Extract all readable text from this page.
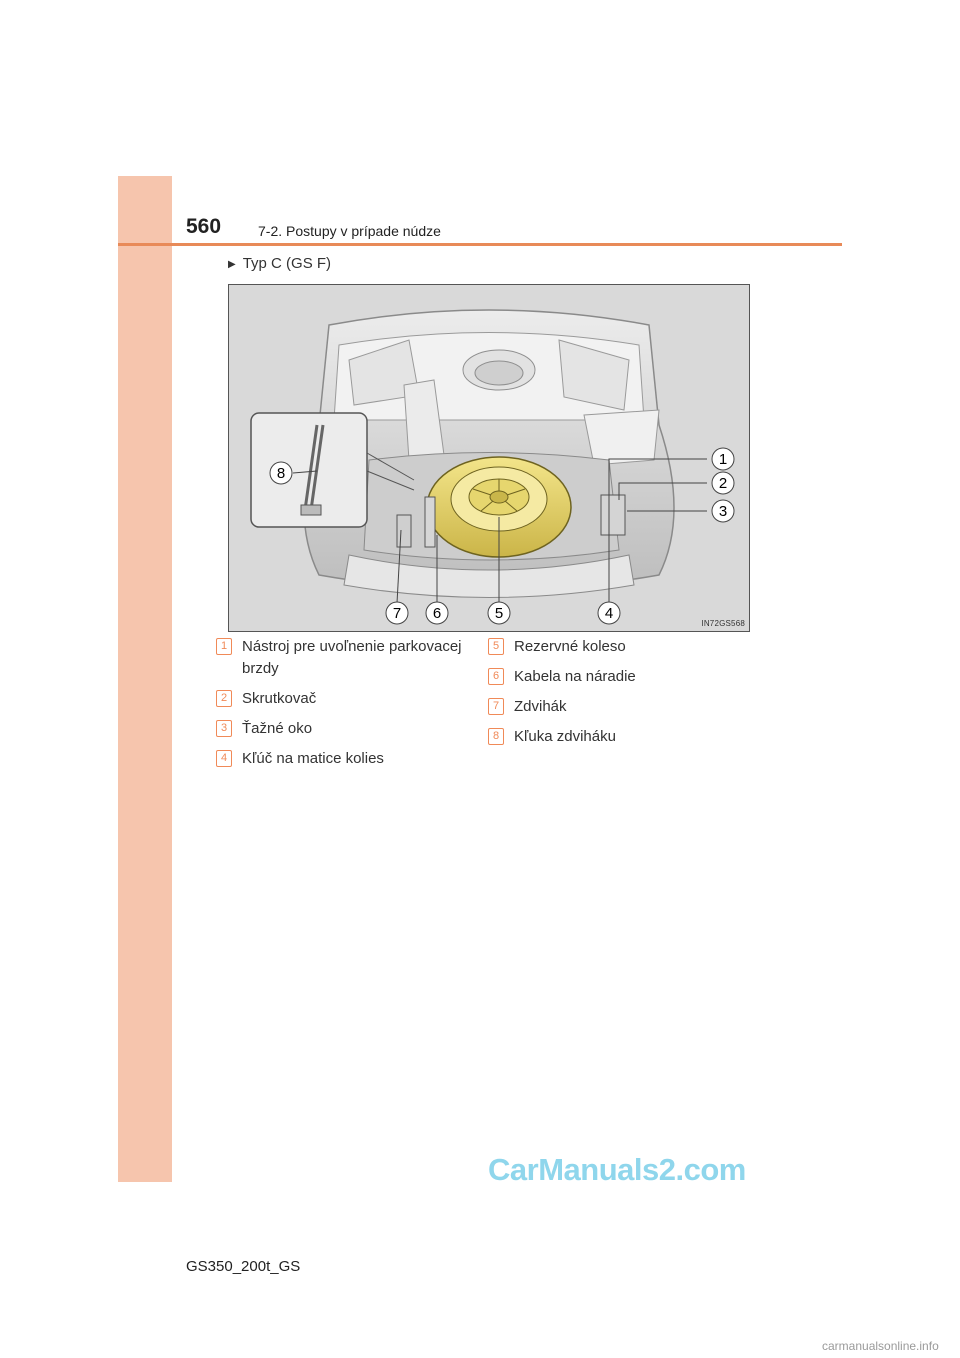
560	7-2. Postupy v prípade núdze
▶ Typ C (GS F)
1
2
3
4
5
6
7
8
IN72GS568
1 Nástroj pre uvoľnenie parkovacej brzdy
2 Skrutkovač
3 Ťažné oko
4 Kľúč na matice kolies
5 Rezervné koleso
6 Kabela na náradie
7 Zdvihák
8 Kľuka zdviháku
CarManuals2.com
GS350_200t_GS
carmanualsonline.info
